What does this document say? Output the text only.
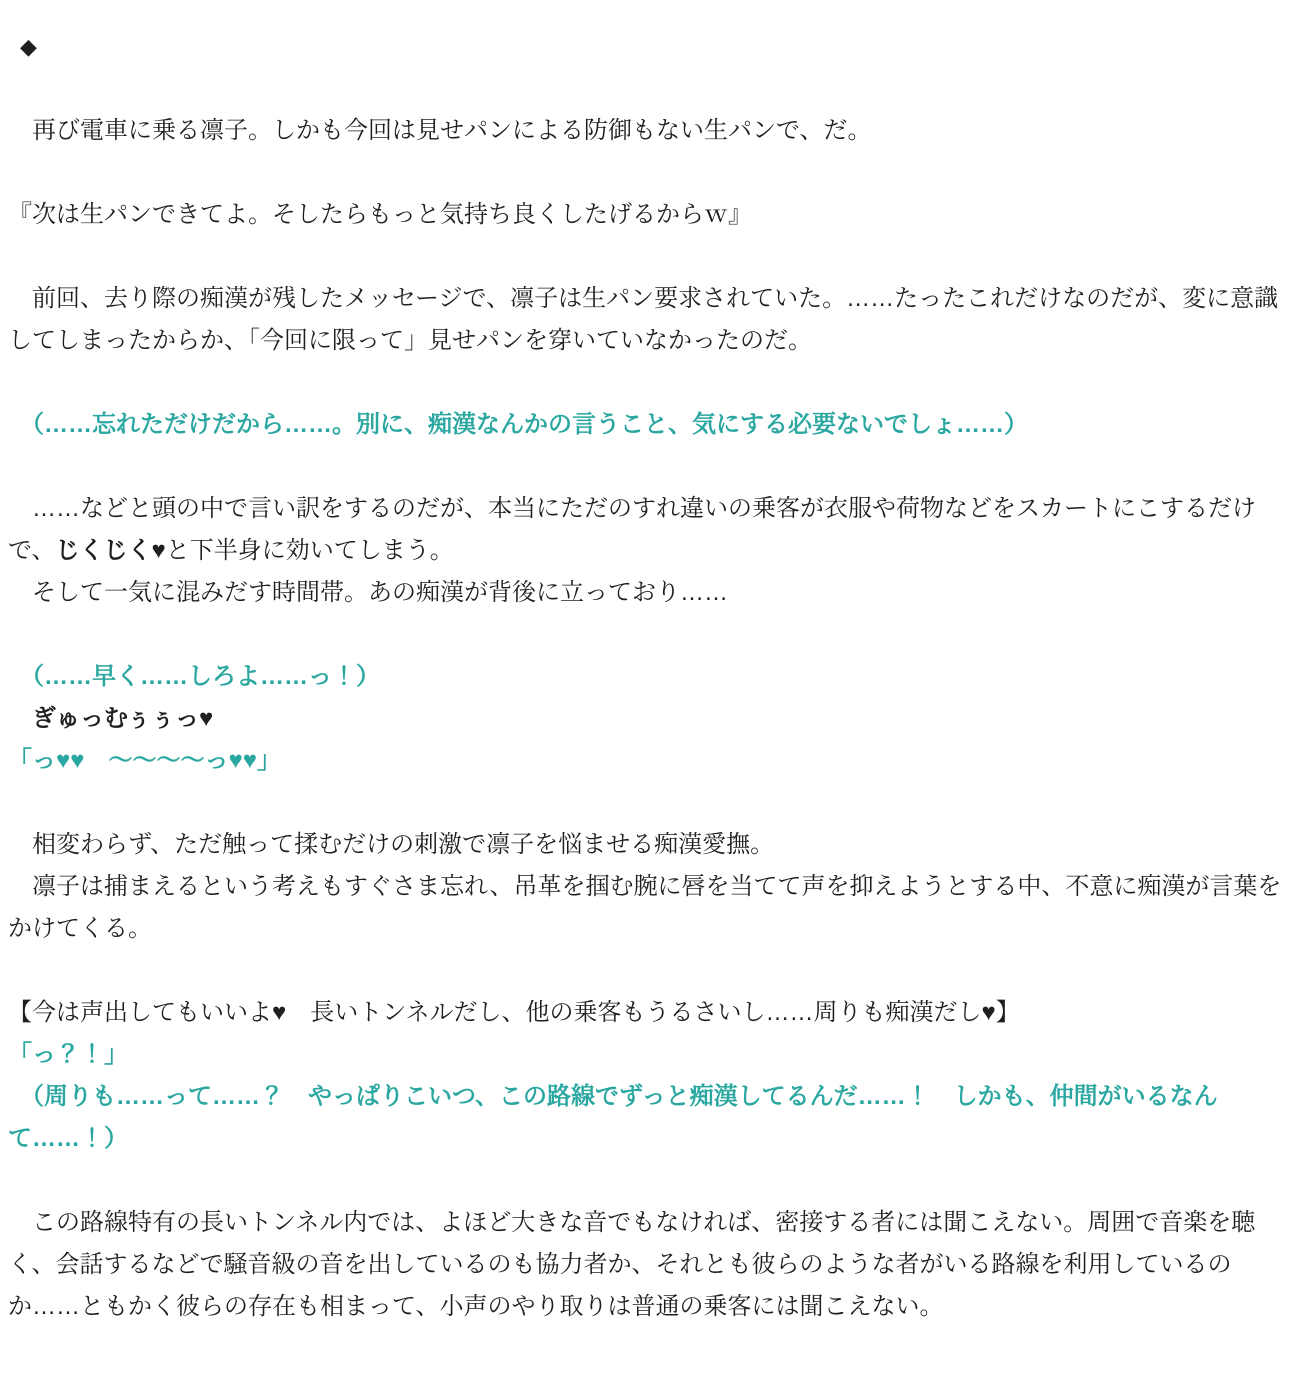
◆
再び電車に乗る凛子。しかも今回は見せパンによる防御もない生パンで、だ。
『次は生パンできてよ。そしたらもっと気持ち良くしたげるからｗ』
前回、去り際の痴漢が残したメッセージで、凛子は生パン要求されていた。……たったこれだけなのだが、変に意識してしまったからか、「今回に限って」見せパンを穿いていなかったのだ。
（……忘れただけだから……。別に、痴漢なんかの言うこと、気にする必要ないでしょ……）
……などと頭の中で言い訳をするのだが、本当にただのすれ違いの乗客が衣服や荷物などをスカートにこするだけで、じくじく♥と下半身に効いてしまう。
そして一気に混みだす時間帯。あの痴漢が背後に立っており……
（……早く……しろよ……っ！）
ぎゅっむぅぅっ♥
「っ♥♥　～～～～っ♥♥」
相変わらず、ただ触って揉むだけの刺激で凛子を悩ませる痴漢愛撫。
凛子は捕まえるという考えもすぐさま忘れ、吊革を掴む腕に唇を当てて声を抑えようとする中、不意に痴漢が言葉をかけてくる。
【今は声出してもいいよ♥　長いトンネルだし、他の乗客もうるさいし……周りも痴漢だし♥】
「っ？！」
（周りも……って……？　やっぱりこいつ、この路線でずっと痴漢してるんだ……！　しかも、仲間がいるなんて……！）
この路線特有の長いトンネル内では、よほど大きな音でもなければ、密接する者には聞こえない。周囲で音楽を聴く、会話するなどで騒音級の音を出しているのも協力者か、それとも彼らのような者がいる路線を利用しているのか……ともかく彼らの存在も相まって、小声のやり取りは普通の乗客には聞こえない。
